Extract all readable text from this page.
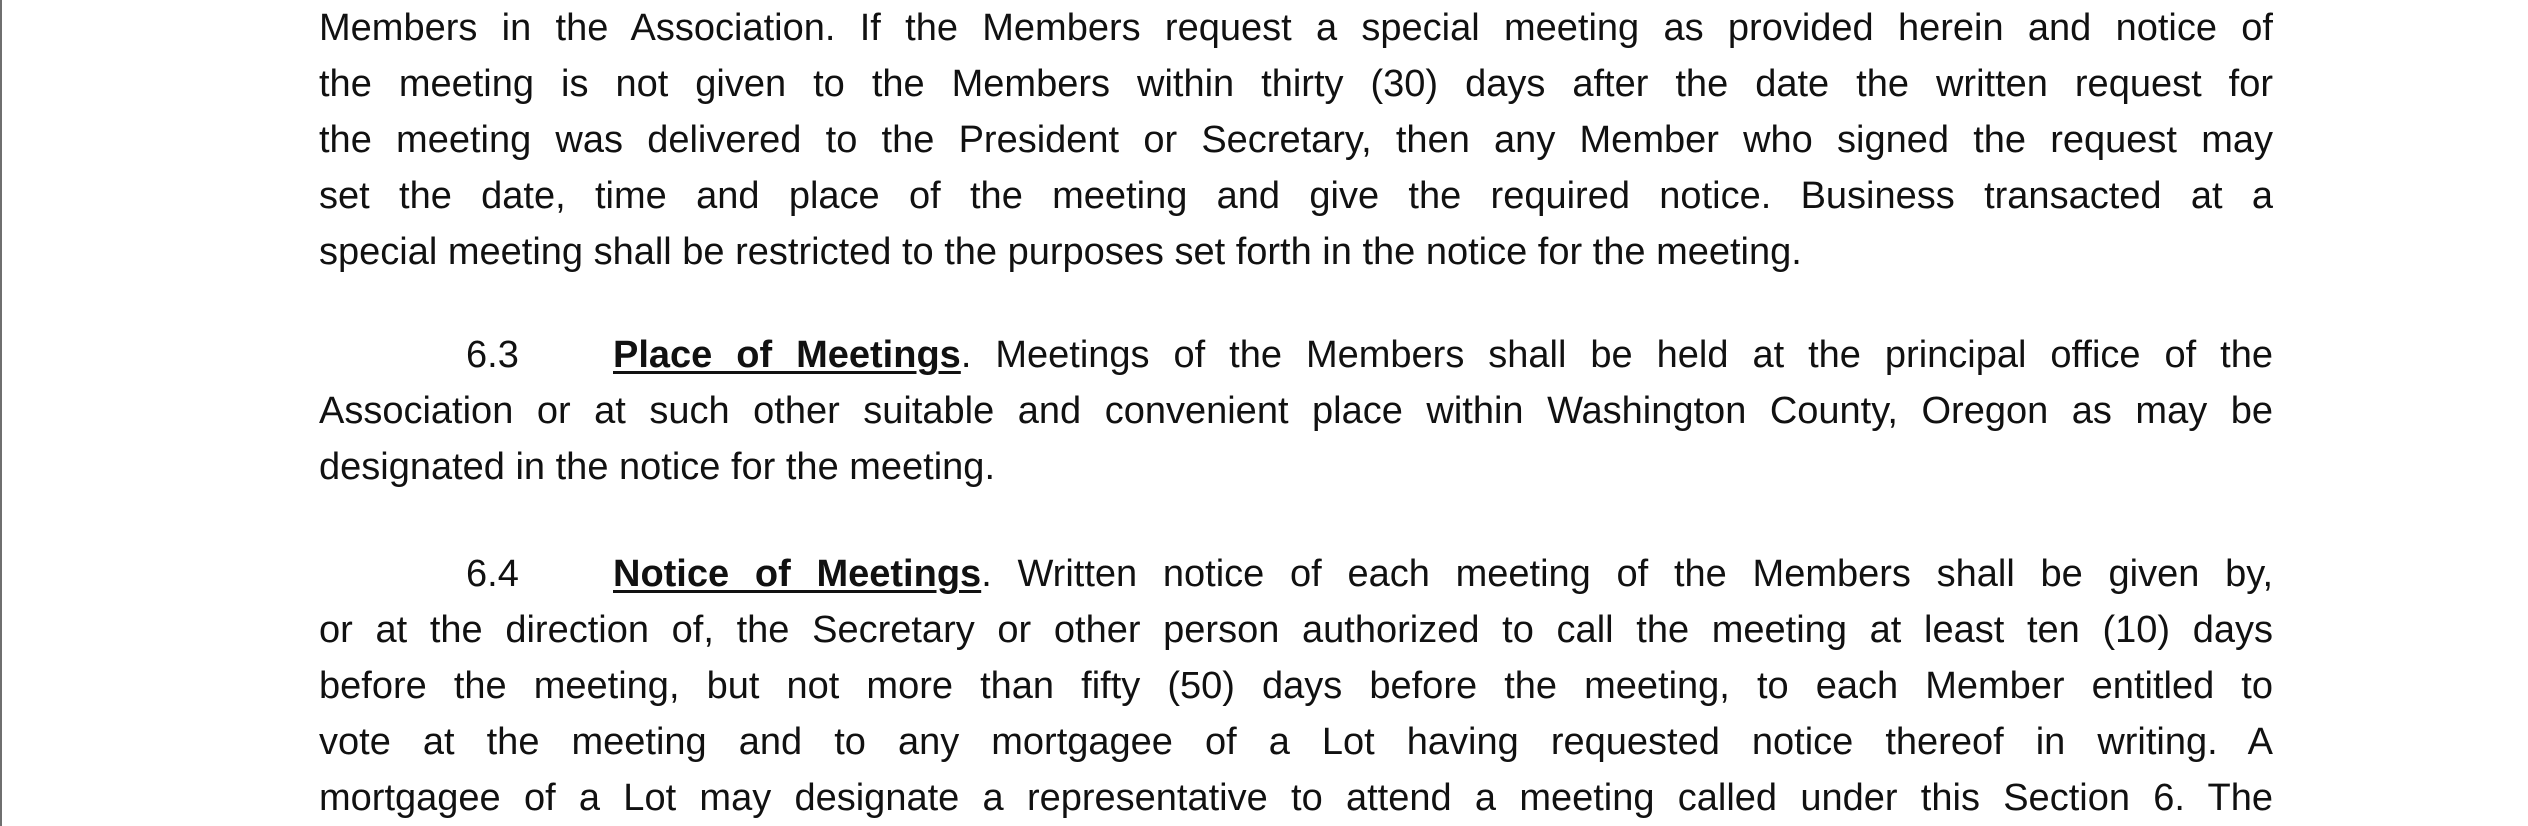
Members in the Association. If the Members request a special meeting as provided herein and notice of
the meeting is not given to the Members within thirty (30) days after the date the written request for
the meeting was delivered to the President or Secretary, then any Member who signed the request may
set the date, time and place of the meeting and give the required notice. Business transacted at a
special meeting shall be restricted to the purposes set forth in the notice for the meeting.
6.3 Place of Meetings. Meetings of the Members shall be held at the principal office of the
Association or at such other suitable and convenient place within Washington County, Oregon as may be
designated in the notice for the meeting.
6.4 Notice of Meetings. Written notice of each meeting of the Members shall be given by,
or at the direction of, the Secretary or other person authorized to call the meeting at least ten (10) days
before the meeting, but not more than fifty (50) days before the meeting, to each Member entitled to
vote at the meeting and to any mortgagee of a Lot having requested notice thereof in writing. A
mortgagee of a Lot may designate a representative to attend a meeting called under this Section 6. The
